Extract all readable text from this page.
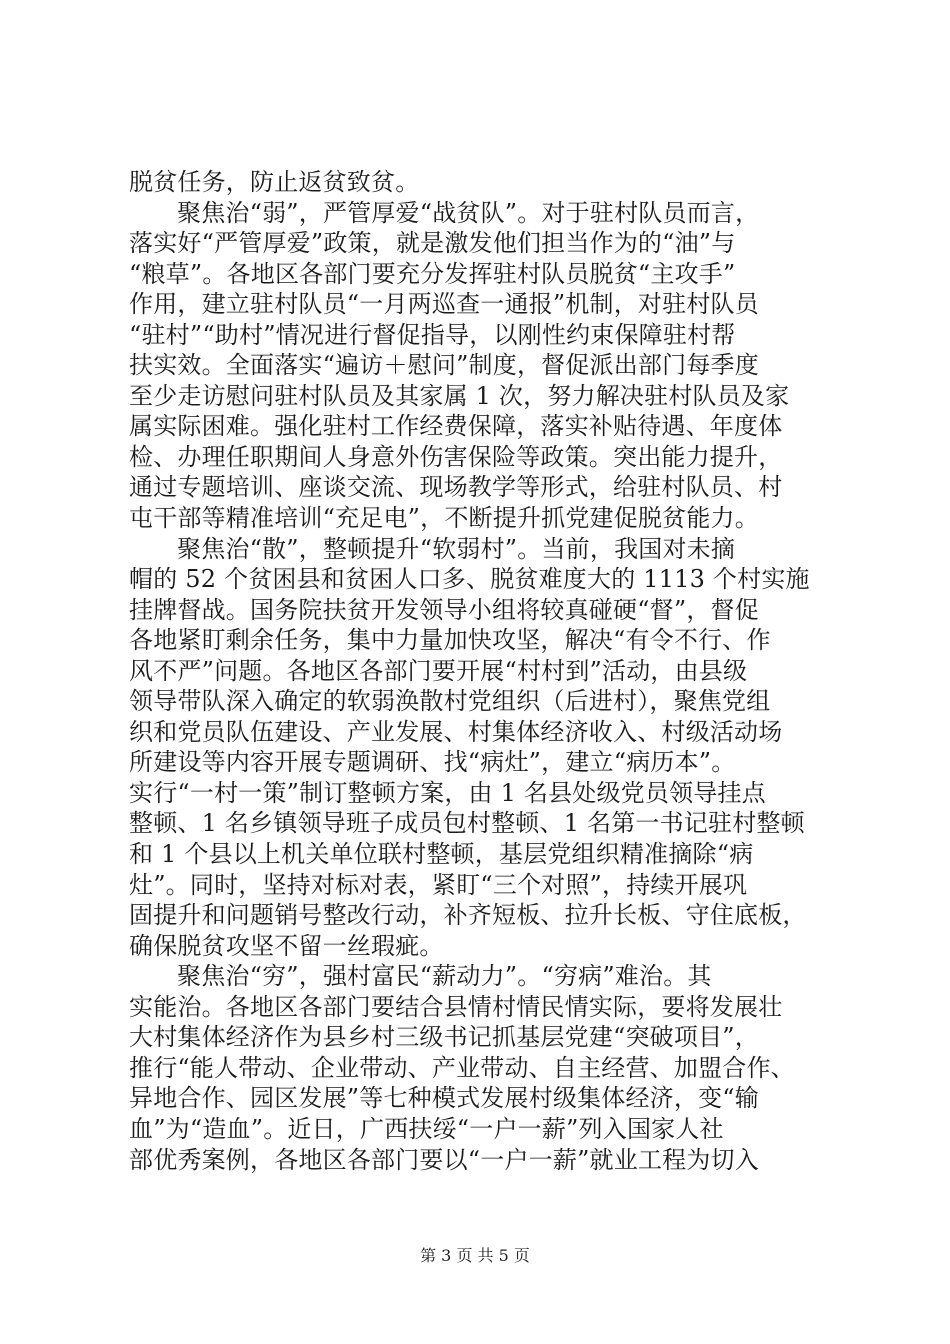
脱贫任务，防止返贫致贫。
聚焦治“弱”，严管厚爱“战贫队”。对于驻村队员而言，
落实好“严管厚爱”政策，就是激发他们担当作为的“油”与
“粮草”。各地区各部门要充分发挥驻村队员脱贫“主攻手”
作用，建立驻村队员“一月两巡查一通报”机制，对驻村队员
“驻村”“助村”情况进行督促指导，以刚性约束保障驻村帮
扶实效。全面落实“遍访＋慰问”制度，督促派出部门每季度
至少走访慰问驻村队员及其家属 1 次，努力解决驻村队员及家
属实际困难。强化驻村工作经费保障，落实补贴待遇、年度体
检、办理任职期间人身意外伤害保险等政策。突出能力提升，
通过专题培训、座谈交流、现场教学等形式，给驻村队员、村
屯干部等精准培训“充足电”，不断提升抓党建促脱贫能力。
聚焦治“散”，整顿提升“软弱村”。当前，我国对未摘
帽的 52 个贫困县和贫困人口多、脱贫难度大的 1113 个村实施
挂牌督战。国务院扶贫开发领导小组将较真碰硬“督”，督促
各地紧盯剩余任务，集中力量加快攻坚，解决“有令不行、作
风不严”问题。各地区各部门要开展“村村到”活动，由县级
领导带队深入确定的软弱涣散村党组织（后进村），聚焦党组
织和党员队伍建设、产业发展、村集体经济收入、村级活动场
所建设等内容开展专题调研、找“病灶”，建立“病历本”。
实行“一村一策”制订整顿方案，由 1 名县处级党员领导挂点
整顿、1 名乡镇领导班子成员包村整顿、1 名第一书记驻村整顿
和 1 个县以上机关单位联村整顿，基层党组织精准摘除“病
灶”。同时，坚持对标对表，紧盯“三个对照”，持续开展巩
固提升和问题销号整改行动，补齐短板、拉升长板、守住底板，
确保脱贫攻坚不留一丝瑕疵。
聚焦治“穷”，强村富民“薪动力”。“穷病”难治。其
实能治。各地区各部门要结合县情村情民情实际，要将发展壮
大村集体经济作为县乡村三级书记抓基层党建“突破项目”，
推行“能人带动、企业带动、产业带动、自主经营、加盟合作、
异地合作、园区发展”等七种模式发展村级集体经济，变“输
血”为“造血”。近日，广西扶绥“一户一薪”列入国家人社
部优秀案例，各地区各部门要以“一户一薪”就业工程为切入
第 3 页 共 5 页
